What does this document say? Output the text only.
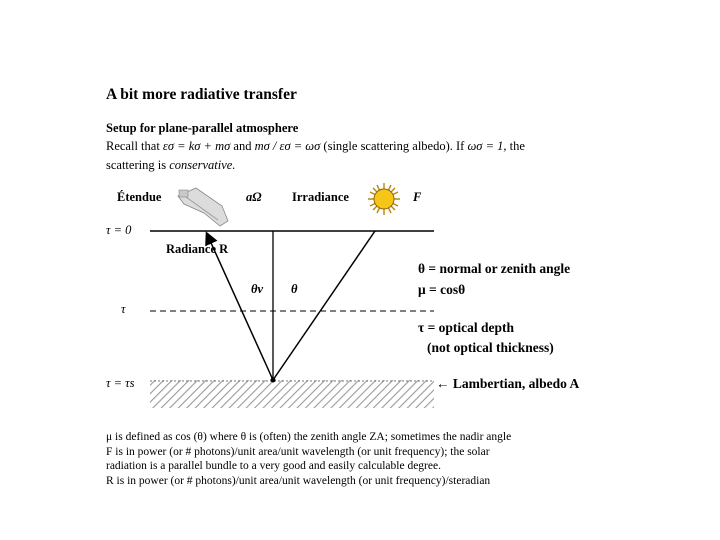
A bit more radiative transfer
Setup for plane-parallel atmosphere
Recall that εσ = kσ + mσ and mσ / εσ = ωσ (single scattering albedo). If ωσ = 1, the
scattering is conservative.
Étendue	aΩ Irradiance	F
τ = 0
Radiance R
θv θ
τ
τ = τs
θ = normal or zenith angle
μ = cosθ
τ = optical depth
(not optical thickness)
← Lambertian, albedo A
μ is defined as cos (θ) where θ is (often) the zenith angle ZA; sometimes the nadir angle
F is in power (or # photons)/unit area/unit wavelength (or unit frequency); the solar
radiation is a parallel bundle to a very good and easily calculable degree.
R is in power (or # photons)/unit area/unit wavelength (or unit frequency)/steradian
